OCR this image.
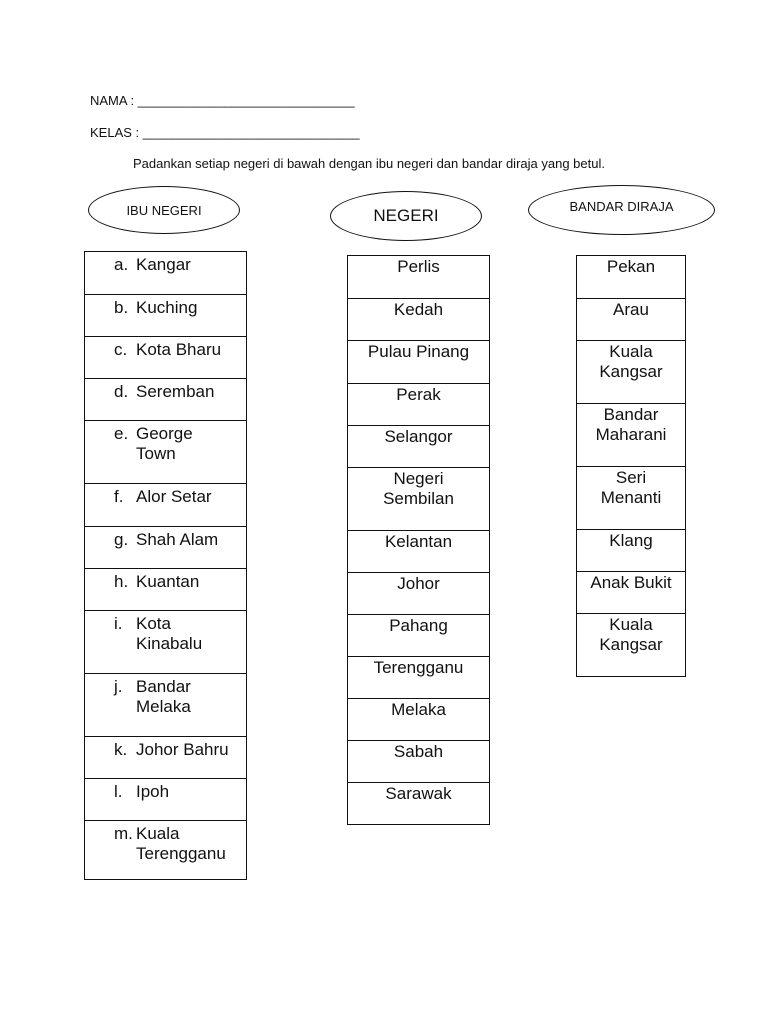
NAMA : ______________________________
KELAS : ______________________________
Padankan setiap negeri di bawah dengan ibu negeri dan bandar diraja yang betul.
IBU NEGERI	NEGERI	BANDAR DIRAJA
a. Kangar
b. Kuching
c. Kota Bharu
d. Seremban
e. George
Town
f. Alor Setar
g. Shah Alam
h. Kuantan
i. Kota
Kinabalu
j. Bandar
Melaka
k. Johor Bahru
l. Ipoh
m. Kuala
Terengganu
Perlis
Kedah
Pulau Pinang
Perak
Selangor
Negeri
Sembilan
Kelantan
Johor
Pahang
Terengganu
Melaka
Sabah
Sarawak
Pekan
Arau
Kuala
Kangsar
Bandar
Maharani
Seri
Menanti
Klang
Anak Bukit
Kuala
Kangsar
